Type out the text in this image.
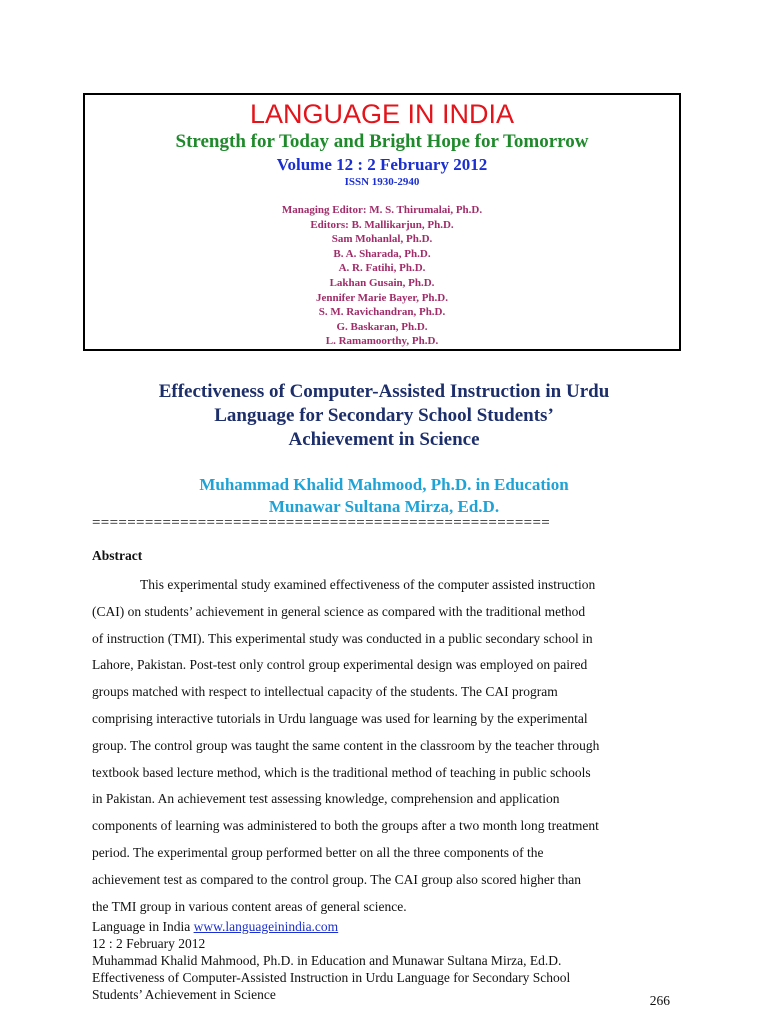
LANGUAGE IN INDIA
Strength for Today and Bright Hope for Tomorrow
Volume 12 : 2 February 2012
ISSN 1930-2940
Managing Editor: M. S. Thirumalai, Ph.D.
Editors: B. Mallikarjun, Ph.D.
Sam Mohanlal, Ph.D.
B. A. Sharada, Ph.D.
A. R. Fatihi, Ph.D.
Lakhan Gusain, Ph.D.
Jennifer Marie Bayer, Ph.D.
S. M. Ravichandran, Ph.D.
G. Baskaran, Ph.D.
L. Ramamoorthy, Ph.D.
Effectiveness of Computer-Assisted Instruction in Urdu
Language for Secondary School Students’
Achievement in Science
Muhammad Khalid Mahmood, Ph.D. in Education
Munawar Sultana Mirza, Ed.D.
====================================================
Abstract
This experimental study examined effectiveness of the computer assisted instruction
(CAI) on students’ achievement in general science as compared with the traditional method
of instruction (TMI). This experimental study was conducted in a public secondary school in
Lahore, Pakistan. Post-test only control group experimental design was employed on paired
groups matched with respect to intellectual capacity of the students. The CAI program
comprising interactive tutorials in Urdu language was used for learning by the experimental
group. The control group was taught the same content in the classroom by the teacher through
textbook based lecture method, which is the traditional method of teaching in public schools
in Pakistan. An achievement test assessing knowledge, comprehension and application
components of learning was administered to both the groups after a two month long treatment
period. The experimental group performed better on all the three components of the
achievement test as compared to the control group. The CAI group also scored higher than
the TMI group in various content areas of general science.
Language in India www.languageinindia.com
12 : 2 February 2012
Muhammad Khalid Mahmood, Ph.D. in Education and Munawar Sultana Mirza, Ed.D.
Effectiveness of Computer-Assisted Instruction in Urdu Language for Secondary School
Students’ Achievement in Science	266
